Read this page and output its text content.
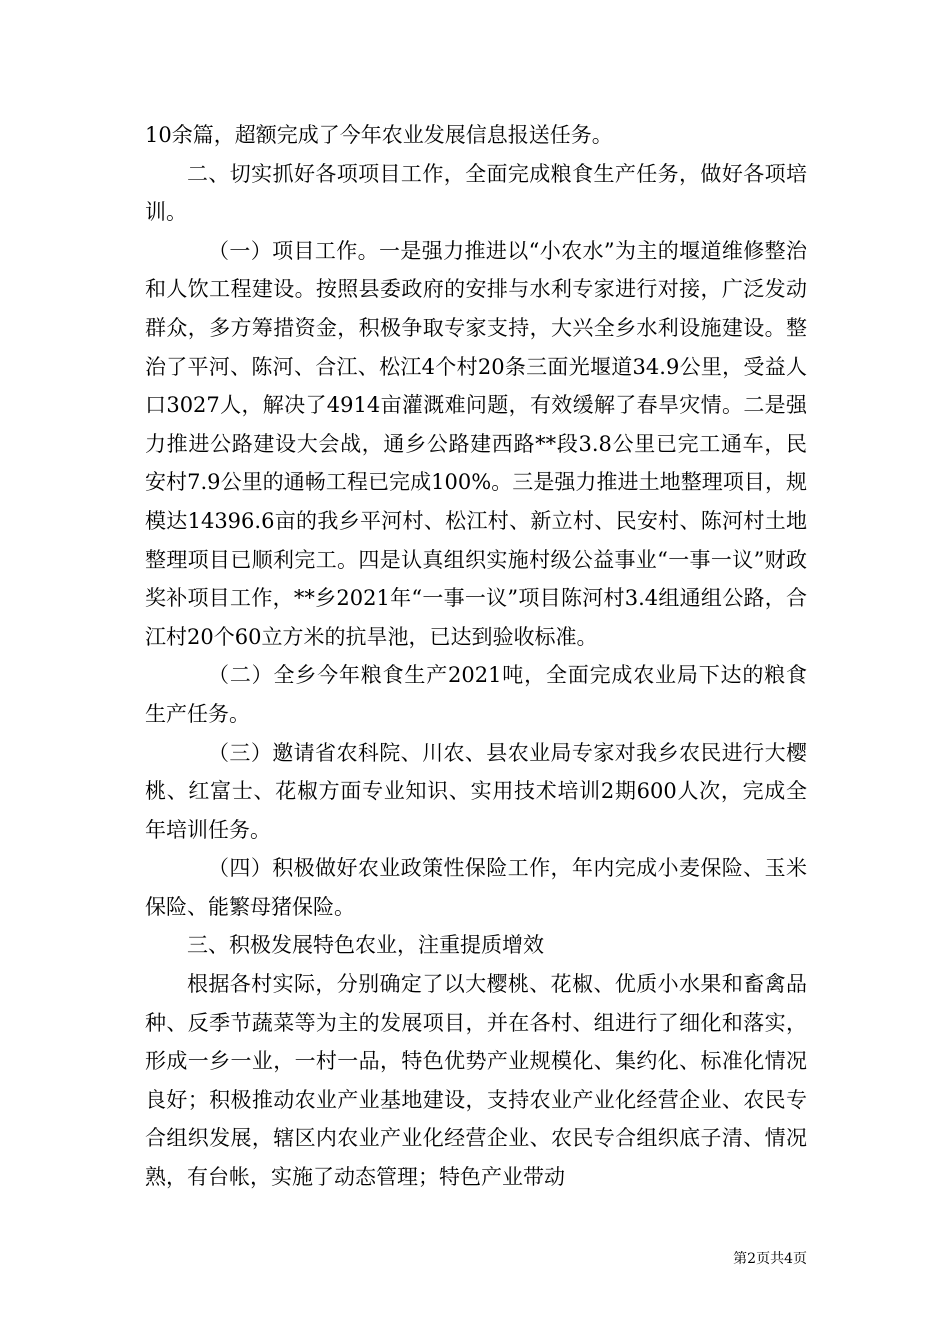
10余篇，超额完成了今年农业发展信息报送任务。

二、切实抓好各项项目工作，全面完成粮食生产任务，做好各项培训。

（一）项目工作。一是强力推进以“小农水”为主的堰道维修整治和人饮工程建设。按照县委政府的安排与水利专家进行对接，广泛发动群众，多方筹措资金，积极争取专家支持，大兴全乡水利设施建设。整治了平河、陈河、合江、松江4个村20条三面光堰道34.9公里，受益人口3027人，解决了4914亩灌溉难问题，有效缓解了春旱灾情。二是强力推进公路建设大会战，通乡公路建西路**段3.8公里已完工通车，民安村7.9公里的通畅工程已完成100%。三是强力推进土地整理项目，规模达14396.6亩的我乡平河村、松江村、新立村、民安村、陈河村土地整理项目已顺利完工。四是认真组织实施村级公益事业“一事一议”财政奖补项目工作，**乡2021年“一事一议”项目陈河村3.4组通组公路，合江村20个60立方米的抗旱池，已达到验收标准。

（二）全乡今年粮食生产2021吨，全面完成农业局下达的粮食生产任务。

（三）邀请省农科院、川农、县农业局专家对我乡农民进行大樱桃、红富士、花椒方面专业知识、实用技术培训2期600人次，完成全年培训任务。

（四）积极做好农业政策性保险工作，年内完成小麦保险、玉米保险、能繁母猪保险。

三、积极发展特色农业，注重提质增效

根据各村实际，分别确定了以大樱桃、花椒、优质小水果和畜禽品种、反季节蔬菜等为主的发展项目，并在各村、组进行了细化和落实，形成一乡一业，一村一品，特色优势产业规模化、集约化、标准化情况良好；积极推动农业产业基地建设，支持农业产业化经营企业、农民专合组织发展，辖区内农业产业化经营企业、农民专合组织底子清、情况熟，有台帐，实施了动态管理；特色产业带动

第2页共4页
